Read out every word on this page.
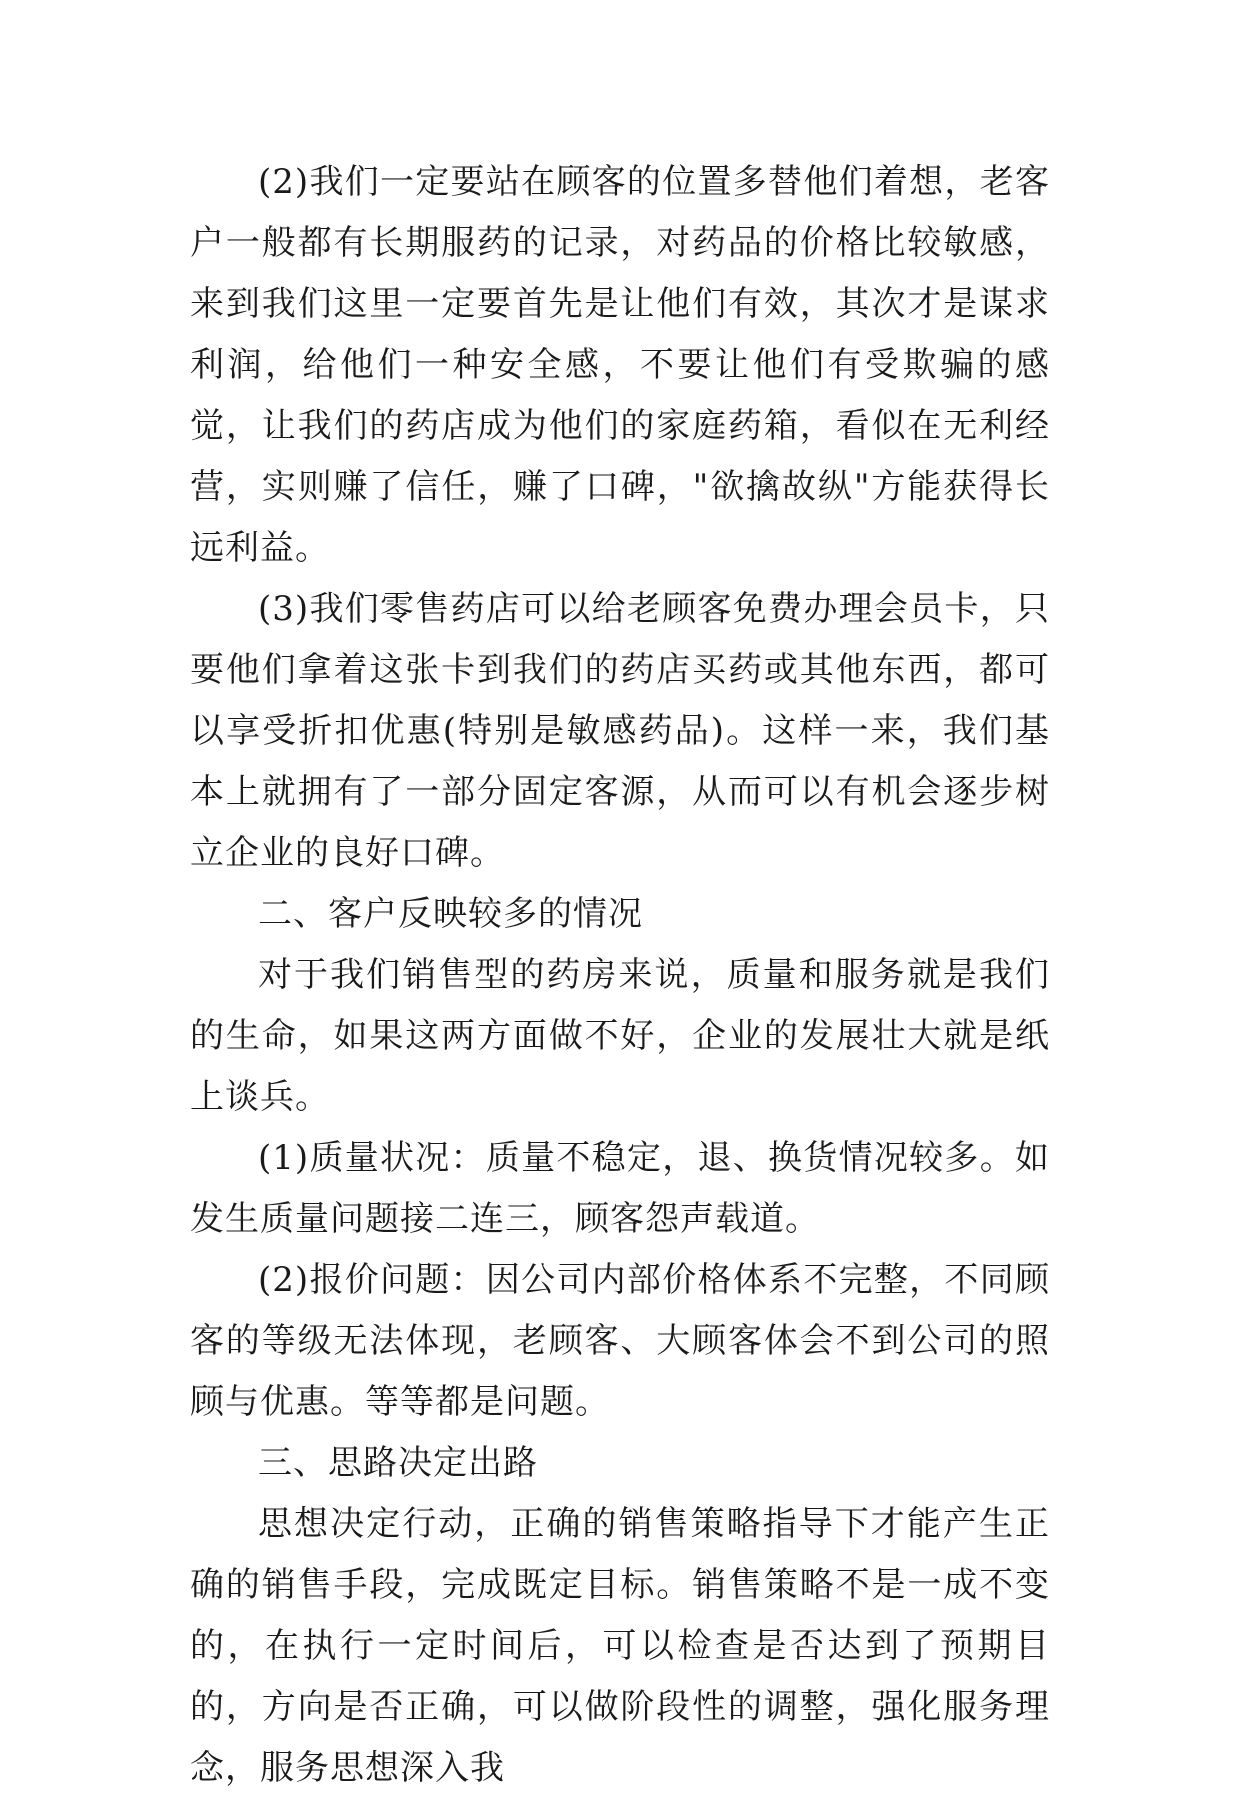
(2)我们一定要站在顾客的位置多替他们着想，老客户一般都有长期服药的记录，对药品的价格比较敏感，来到我们这里一定要首先是让他们有效，其次才是谋求利润，给他们一种安全感，不要让他们有受欺骗的感觉，让我们的药店成为他们的家庭药箱，看似在无利经营，实则赚了信任，赚了口碑，"欲擒故纵"方能获得长远利益。

(3)我们零售药店可以给老顾客免费办理会员卡，只要他们拿着这张卡到我们的药店买药或其他东西，都可以享受折扣优惠(特别是敏感药品)。这样一来，我们基本上就拥有了一部分固定客源，从而可以有机会逐步树立企业的良好口碑。

二、客户反映较多的情况

对于我们销售型的药房来说，质量和服务就是我们的生命，如果这两方面做不好，企业的发展壮大就是纸上谈兵。

(1)质量状况：质量不稳定，退、换货情况较多。如发生质量问题接二连三，顾客怨声载道。

(2)报价问题：因公司内部价格体系不完整，不同顾客的等级无法体现，老顾客、大顾客体会不到公司的照顾与优惠。等等都是问题。

三、思路决定出路

思想决定行动，正确的销售策略指导下才能产生正确的销售手段，完成既定目标。销售策略不是一成不变的，在执行一定时间后，可以检查是否达到了预期目的，方向是否正确，可以做阶段性的调整，强化服务理念，服务思想深入我
